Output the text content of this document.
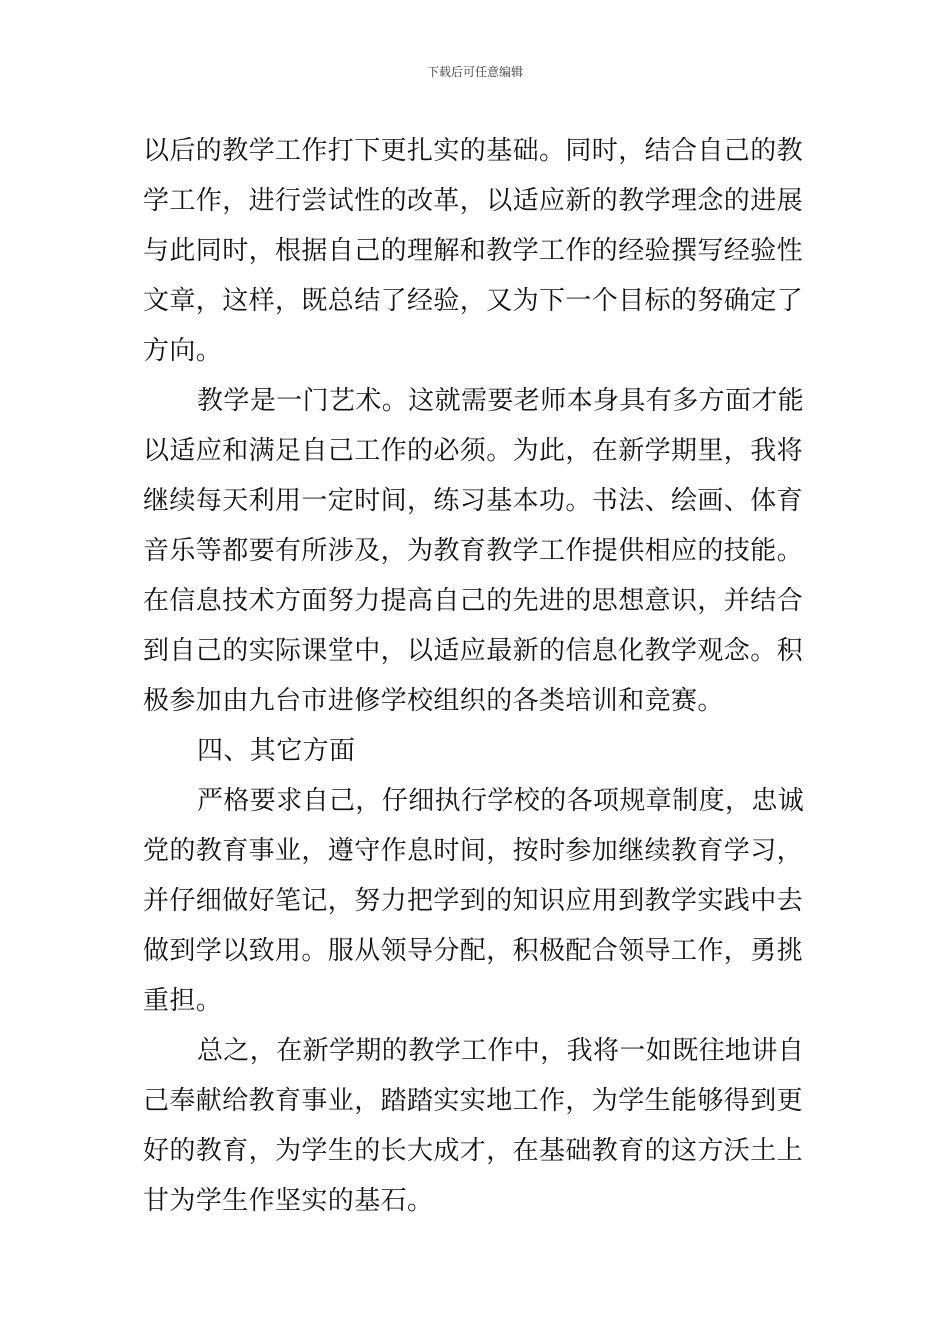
下载后可任意编辑
以后的教学工作打下更扎实的基础。同时，结合自己的教
学工作，进行尝试性的改革，以适应新的教学理念的进展
与此同时，根据自己的理解和教学工作的经验撰写经验性
文章，这样，既总结了经验，又为下一个目标的努确定了
方向。
教学是一门艺术。这就需要老师本身具有多方面才能
以适应和满足自己工作的必须。为此，在新学期里，我将
继续每天利用一定时间，练习基本功。书法、绘画、体育
音乐等都要有所涉及，为教育教学工作提供相应的技能。
在信息技术方面努力提高自己的先进的思想意识，并结合
到自己的实际课堂中，以适应最新的信息化教学观念。积
极参加由九台市进修学校组织的各类培训和竞赛。
四、其它方面
严格要求自己，仔细执行学校的各项规章制度，忠诚
党的教育事业，遵守作息时间，按时参加继续教育学习，
并仔细做好笔记，努力把学到的知识应用到教学实践中去
做到学以致用。服从领导分配，积极配合领导工作，勇挑
重担。
总之，在新学期的教学工作中，我将一如既往地讲自
己奉献给教育事业，踏踏实实地工作，为学生能够得到更
好的教育，为学生的长大成才，在基础教育的这方沃土上
甘为学生作坚实的基石。
